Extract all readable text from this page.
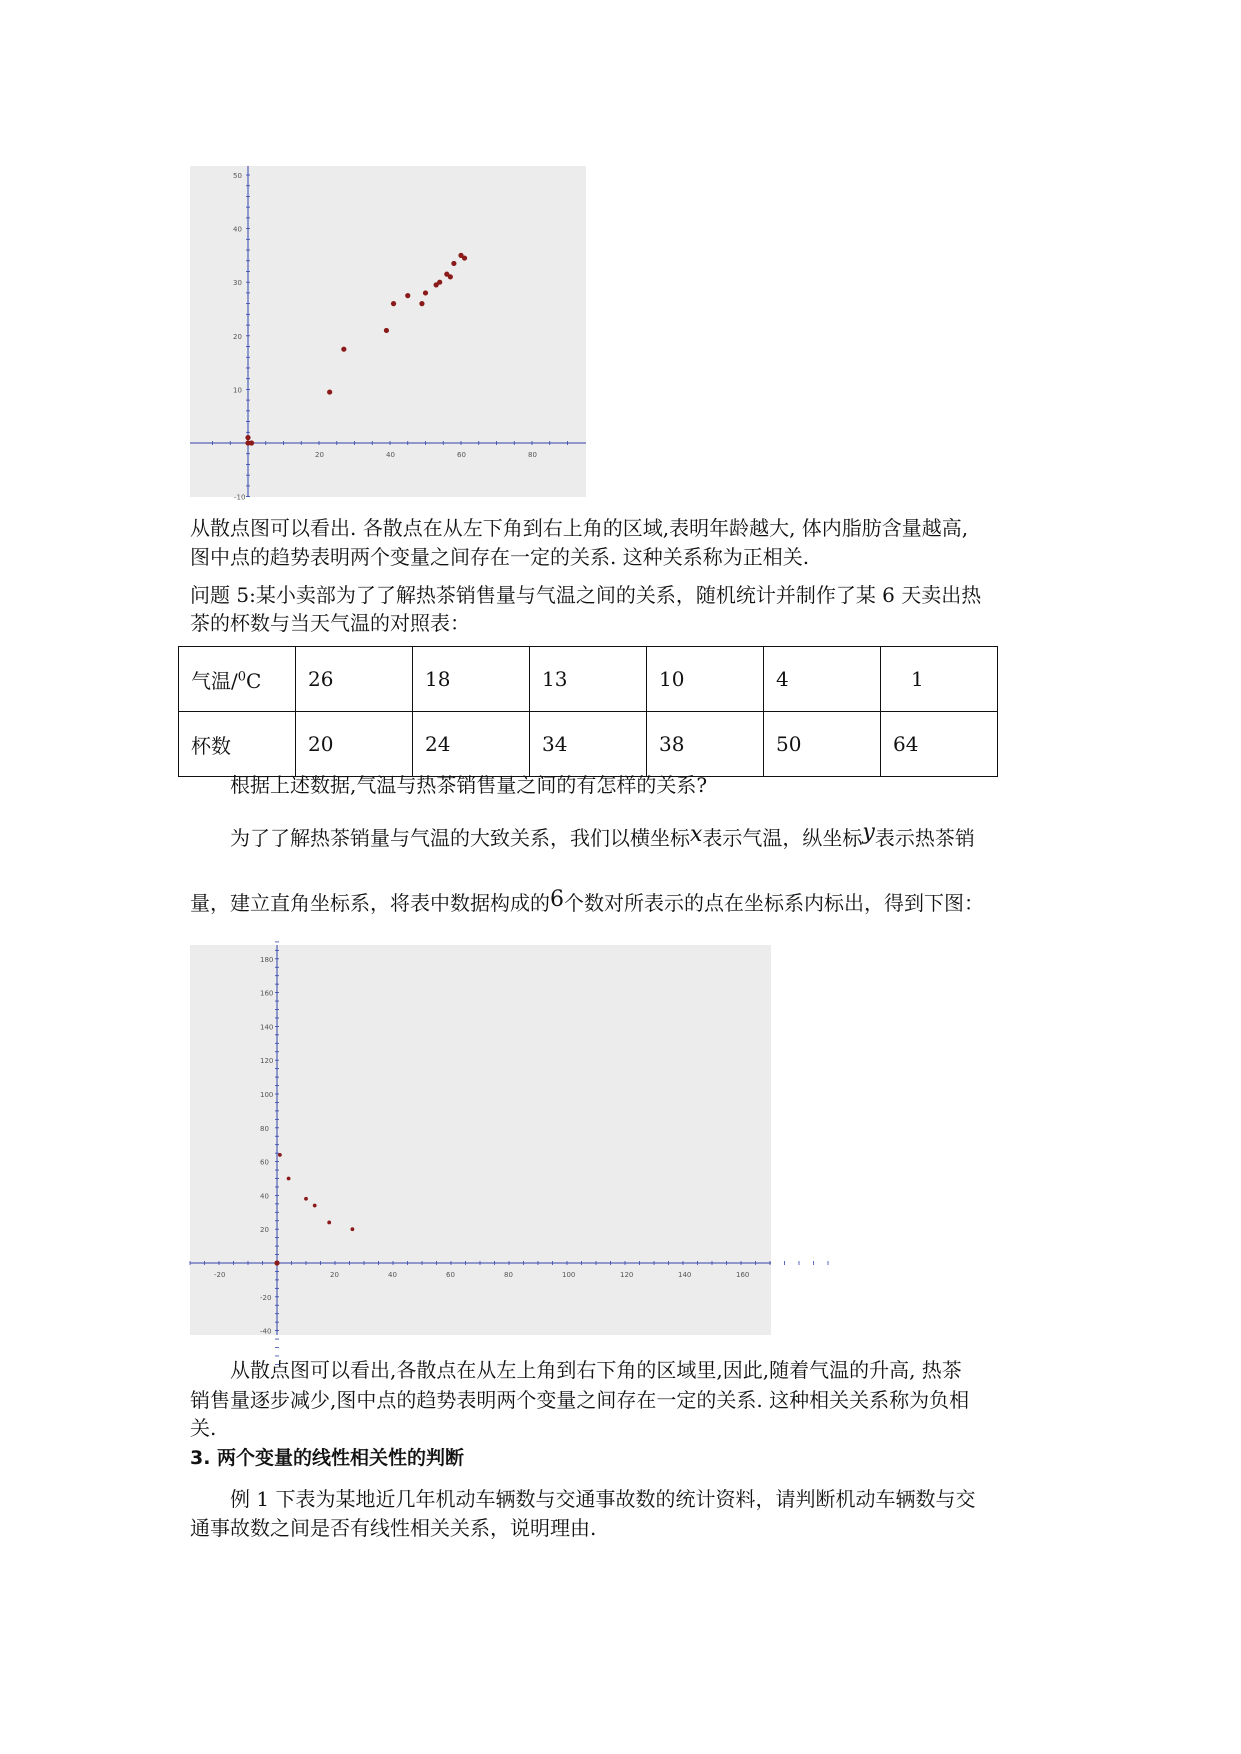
20	40	60	80
10
20
30
40
50
-10

从散点图可以看出. 各散点在从左下角到右上角的区域,表明年龄越大, 体内脂肪含量越高,

图中点的趋势表明两个变量之间存在一定的关系. 这种关系称为正相关.

问题 5:某小卖部为了了解热茶销售量与气温之间的关系，随机统计并制作了某 6 天卖出热

茶的杯数与当天气温的对照表：

气温/$^0$C	26	18	13	10	4	1
杯数	20	24	34	38	50	64

根据上述数据,气温与热茶销售量之间的有怎样的关系?

为了了解热茶销量与气温的大致关系，我们以横坐标x表示气温，纵坐标y表示热茶销

量，建立直角坐标系，将表中数据构成的6个数对所表示的点在坐标系内标出，得到下图：

-20	20	40	60	80	100	120	140	160
180
160
140
120
100
80
60
40
20
-20
-40

从散点图可以看出,各散点在从左上角到右下角的区域里,因此,随着气温的升高, 热茶

销售量逐步减少,图中点的趋势表明两个变量之间存在一定的关系. 这种相关关系称为负相

关.

3. 两个变量的线性相关性的判断

例 1 下表为某地近几年机动车辆数与交通事故数的统计资料，请判断机动车辆数与交

通事故数之间是否有线性相关关系，说明理由.
